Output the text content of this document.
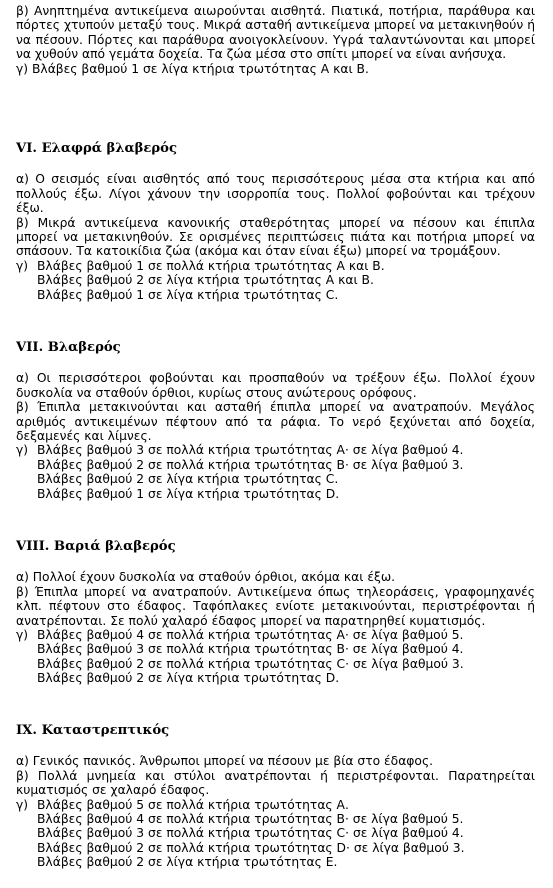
β) Ανηπτημένα αντικείμενα αιωρούνται αισθητά. Πιατικά, ποτήρια, παράθυρα και πόρτες χτυπούν μεταξύ τους. Μικρά ασταθή αντικείμενα μπορεί να μετακινηθούν ή να πέσουν. Πόρτες και παράθυρα ανοιγοκλείνουν. Υγρά ταλαντώνονται και μπορεί να χυθούν από γεμάτα δοχεία. Τα ζώα μέσα στο σπίτι μπορεί να είναι ανήσυχα.

γ) Βλάβες βαθμού 1 σε λίγα κτήρια τρωτότητας Α και Β.

VI. Ελαφρά βλαβερός

α) Ο σεισμός είναι αισθητός από τους περισσότερους μέσα στα κτήρια και από πολλούς έξω. Λίγοι χάνουν την ισορροπία τους. Πολλοί φοβούνται και τρέχουν έξω.

β) Μικρά αντικείμενα κανονικής σταθερότητας μπορεί να πέσουν και έπιπλα μπορεί να μετακινηθούν. Σε ορισμένες περιπτώσεις πιάτα και ποτήρια μπορεί να σπάσουν. Τα κατοικίδια ζώα (ακόμα και όταν είναι έξω) μπορεί να τρομάξουν.

γ) Βλάβες βαθμού 1 σε πολλά κτήρια τρωτότητας Α και Β.
Βλάβες βαθμού 2 σε λίγα κτήρια τρωτότητας Α και Β.
Βλάβες βαθμού 1 σε λίγα κτήρια τρωτότητας C.

VII. Βλαβερός

α) Οι περισσότεροι φοβούνται και προσπαθούν να τρέξουν έξω. Πολλοί έχουν δυσκολία να σταθούν όρθιοι, κυρίως στους ανώτερους ορόφους.

β) Έπιπλα μετακινούνται και ασταθή έπιπλα μπορεί να ανατραπούν. Μεγάλος αριθμός αντικειμένων πέφτουν από τα ράφια. Το νερό ξεχύνεται από δοχεία, δεξαμενές και λίμνες.

γ) Βλάβες βαθμού 3 σε πολλά κτήρια τρωτότητας Α· σε λίγα βαθμού 4.
Βλάβες βαθμού 2 σε πολλά κτήρια τρωτότητας Β· σε λίγα βαθμού 3.
Βλάβες βαθμού 2 σε λίγα κτήρια τρωτότητας C.
Βλάβες βαθμού 1 σε λίγα κτήρια τρωτότητας D.

VIII. Βαριά βλαβερός

α) Πολλοί έχουν δυσκολία να σταθούν όρθιοι, ακόμα και έξω.

β) Έπιπλα μπορεί να ανατραπούν. Αντικείμενα όπως τηλεοράσεις, γραφομηχανές κλπ. πέφτουν στο έδαφος. Ταφόπλακες ενίοτε μετακινούνται, περιστρέφονται ή ανατρέπονται. Σε πολύ χαλαρό έδαφος μπορεί να παρατηρηθεί κυματισμός.

γ) Βλάβες βαθμού 4 σε πολλά κτήρια τρωτότητας Α· σε λίγα βαθμού 5.
Βλάβες βαθμού 3 σε πολλά κτήρια τρωτότητας Β· σε λίγα βαθμού 4.
Βλάβες βαθμού 2 σε πολλά κτήρια τρωτότητας C· σε λίγα βαθμού 3.
Βλάβες βαθμού 2 σε λίγα κτήρια τρωτότητας D.

IX. Καταστρεπτικός

α) Γενικός πανικός. Άνθρωποι μπορεί να πέσουν με βία στο έδαφος.

β) Πολλά μνημεία και στύλοι ανατρέπονται ή περιστρέφονται. Παρατηρείται κυματισμός σε χαλαρό έδαφος.

γ) Βλάβες βαθμού 5 σε πολλά κτήρια τρωτότητας Α.
Βλάβες βαθμού 4 σε πολλά κτήρια τρωτότητας Β· σε λίγα βαθμού 5.
Βλάβες βαθμού 3 σε πολλά κτήρια τρωτότητας C· σε λίγα βαθμού 4.
Βλάβες βαθμού 2 σε πολλά κτήρια τρωτότητας D· σε λίγα βαθμού 3.
Βλάβες βαθμού 2 σε λίγα κτήρια τρωτότητας Ε.
